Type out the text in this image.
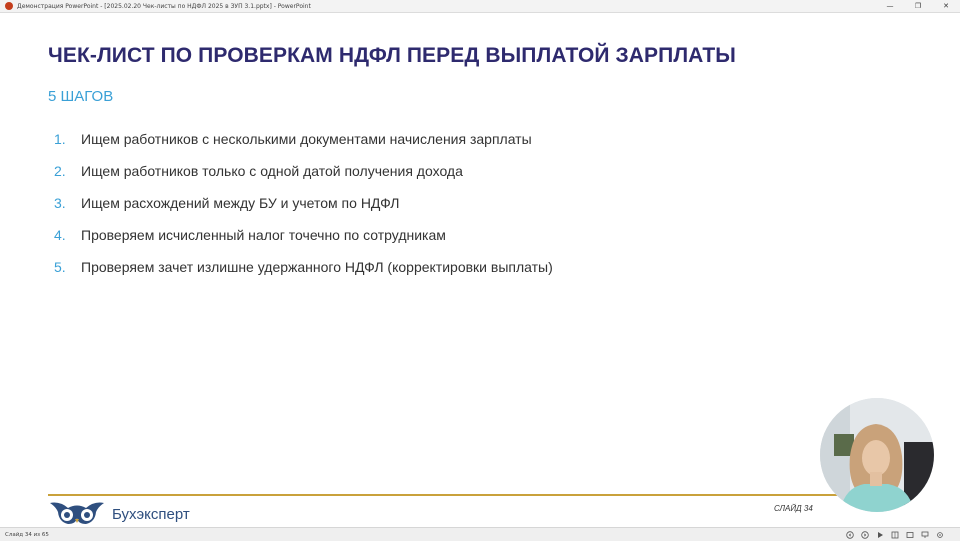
Демонстрация PowerPoint - [2025.02.20 Чек-листы по НДФЛ 2025 в ЗУП 3.1.pptx] - PowerPoint	—	❐	✕
ЧЕК-ЛИСТ ПО ПРОВЕРКАМ НДФЛ ПЕРЕД ВЫПЛАТОЙ ЗАРПЛАТЫ
5 ШАГОВ
1.	Ищем работников с несколькими документами начисления зарплаты
2.	Ищем работников только с одной датой получения дохода
3.	Ищем расхождений между БУ и учетом по НДФЛ
4.	Проверяем исчисленный налог точечно по сотрудникам
5.	Проверяем зачет излишне удержанного НДФЛ (корректировки выплаты)
Бухэксперт	СЛАЙД 34
Слайд 34 из 65
